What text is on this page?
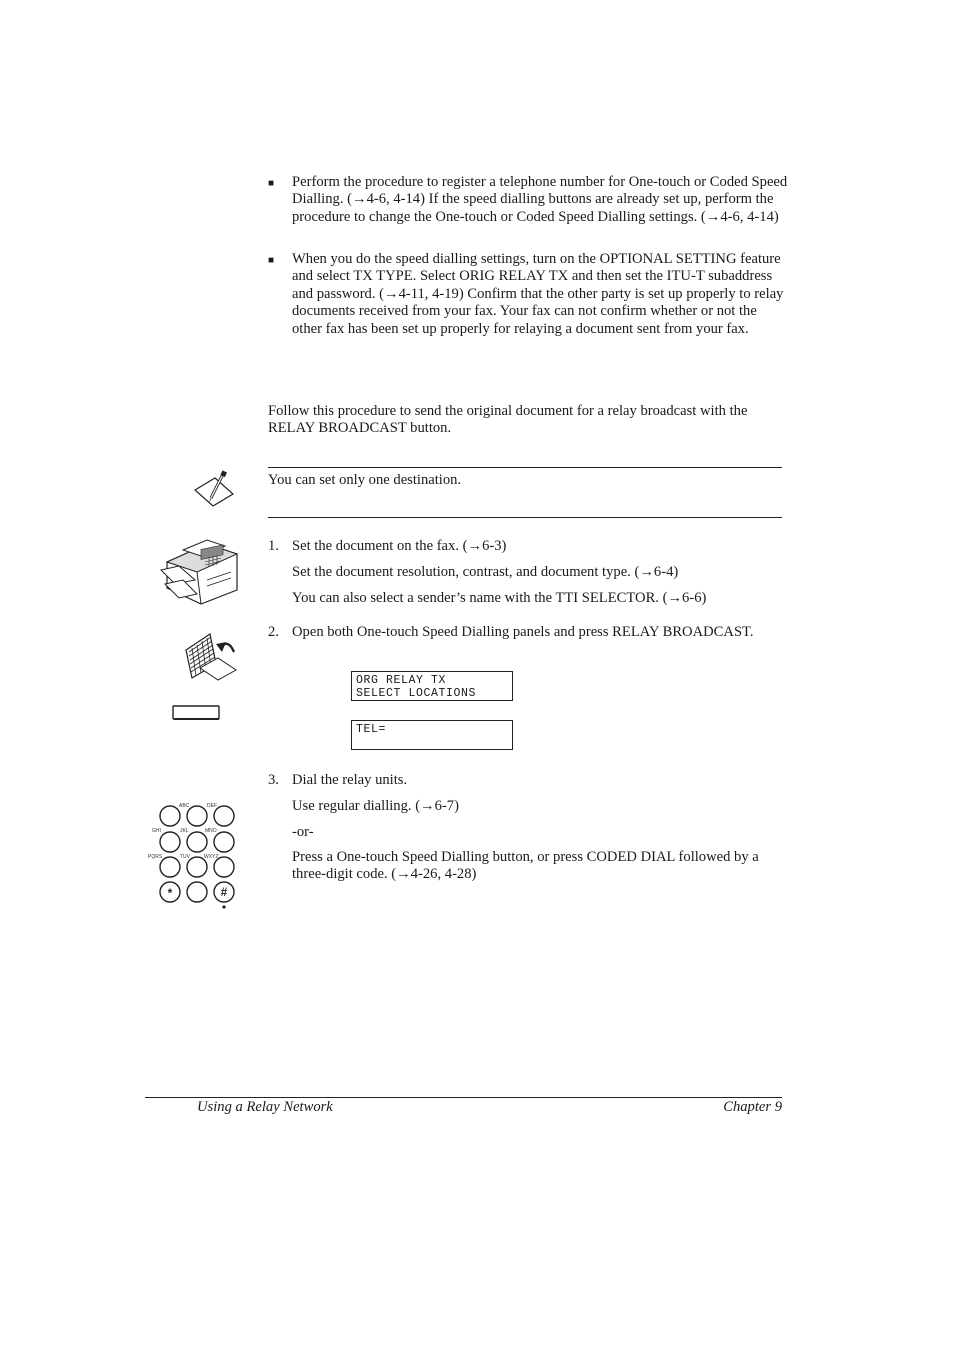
■ Perform the procedure to register a telephone number for One-touch or Coded Speed Dialling. (→4-6, 4-14) If the speed dialling buttons are already set up, perform the procedure to change the One-touch or Coded Speed Dialling settings. (→4-6, 4-14)
■ When you do the speed dialling settings, turn on the OPTIONAL SETTING feature and select TX TYPE. Select ORIG RELAY TX and then set the ITU-T subaddress and password. (→4-11, 4-19) Confirm that the other party is set up properly to relay documents received from your fax. Your fax can not confirm whether or not the other fax has been set up properly for relaying a document sent from your fax.
Follow this procedure to send the original document for a relay broadcast with the RELAY BROADCAST button.
You can set only one destination.
1. Set the document on the fax. (→6-3)
Set the document resolution, contrast, and document type. (→6-4)
You can also select a sender’s name with the TTI SELECTOR. (→6-6)
2. Open both One-touch Speed Dialling panels and press RELAY BROADCAST.
ORG RELAY TX
SELECT LOCATIONS
TEL=
ABC	DEF
GHI	JKL	MNO
PQRS	TUV	WXYZ
*	#
3. Dial the relay units.
Use regular dialling. (→6-7)
-or-
Press a One-touch Speed Dialling button, or press CODED DIAL followed by a three-digit code. (→4-26, 4-28)
Using a Relay Network	Chapter 9
